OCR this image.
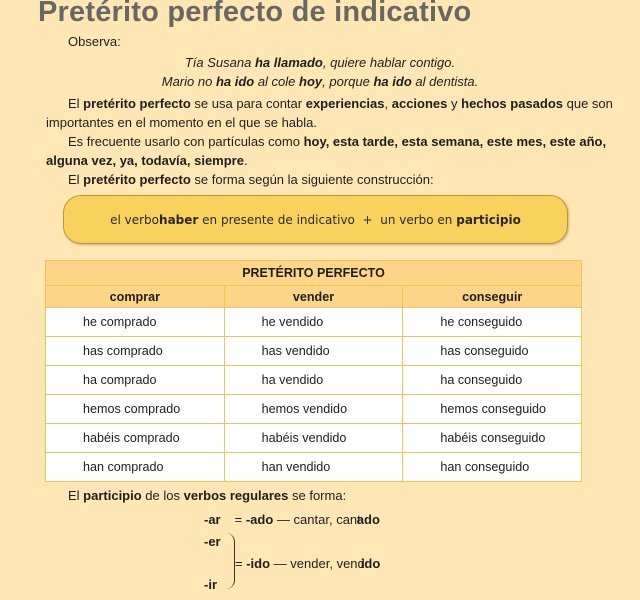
Pretérito perfecto de indicativo
Observa:
Tía Susana ha llamado, quiere hablar contigo.
Mario no ha ido al cole hoy, porque ha ido al dentista.
El pretérito perfecto se usa para contar experiencias, acciones y hechos pasados que son
importantes en el momento en el que se habla.
Es frecuente usarlo con partículas como hoy, esta tarde, esta semana, este mes, este año,
alguna vez, ya, todavía, siempre.
El pretérito perfecto se forma según la siguiente construcción:
el verbo haber en presente de indicativo  +  un verbo en participio
PRETÉRITO PERFECTO		
comprar	vender	conseguir

he comprado	he vendido	he conseguido

has comprado	has vendido	has conseguido

ha comprado	ha vendido	ha conseguido

hemos comprado	hemos vendido	hemos conseguido

habéis comprado	habéis vendido	habéis conseguido

han comprado	han vendido	han conseguido
El participio de los verbos regulares se forma:
-ar = -ado — cantar, cantado
-er
= -ido — vender, vendido
-ir
